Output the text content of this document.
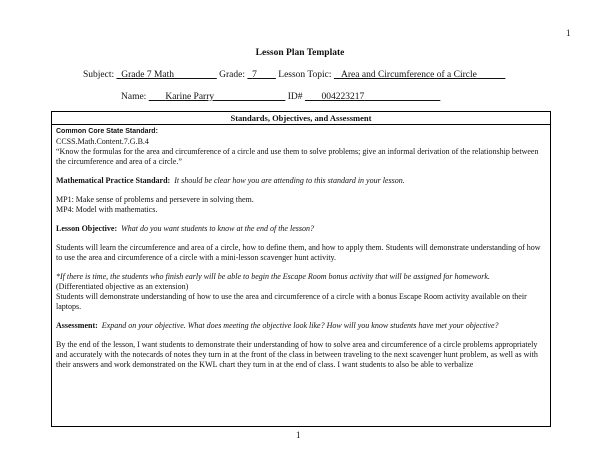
1
Lesson Plan Template
Subject: Grade 7 Math	Grade: 7 Lesson Topic: Area and Circumference of a Circle
Name: Karine Parry	ID# 004223217
Standards, Objectives, and Assessment

Common Core State Standard:

CCSS.Math.Content.7.G.B.4

“Know the formulas for the area and circumference of a circle and use them to solve problems; give an informal derivation of the relationship between the circumference and area of a circle.”

Mathematical Practice Standard: It should be clear how you are attending to this standard in your lesson.

MP1: Make sense of problems and persevere in solving them.

MP4: Model with mathematics.

Lesson Objective: What do you want students to know at the end of the lesson?

Students will learn the circumference and area of a circle, how to define them, and how to apply them. Students will demonstrate understanding of how to use the area and circumference of a circle with a mini-lesson scavenger hunt activity.

*If there is time, the students who finish early will be able to begin the Escape Room bonus activity that will be assigned for homework.

(Differentiated objective as an extension)

Students will demonstrate understanding of how to use the area and circumference of a circle with a bonus Escape Room activity available on their laptops.

Assessment: Expand on your objective. What does meeting the objective look like? How will you know students have met your objective?

By the end of the lesson, I want students to demonstrate their understanding of how to solve area and circumference of a circle problems appropriately and accurately with the notecards of notes they turn in at the front of the class in between traveling to the next scavenger hunt problem, as well as with their answers and work demonstrated on the KWL chart they turn in at the end of class. I want students to also be able to verbalize

1
